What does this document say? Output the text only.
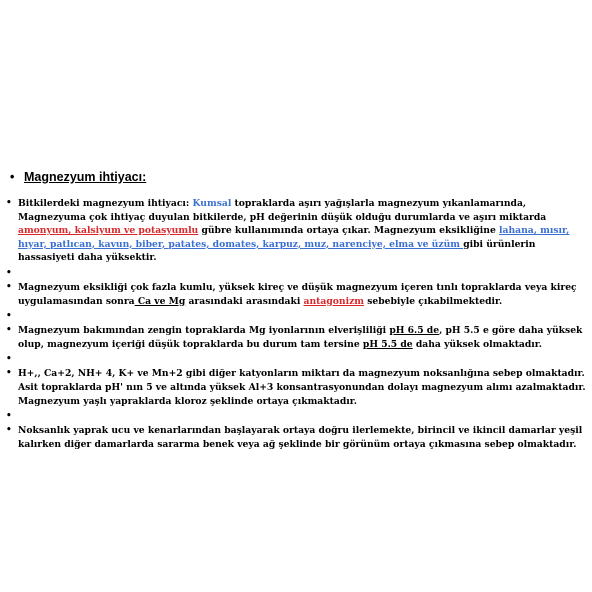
• Magnezyum ihtiyacı:
• Bitkilerdeki magnezyum ihtiyacı: Kumsal topraklarda aşırı yağışlarla magnezyum yıkanlamarında, Magnezyuma çok ihtiyaç duyulan bitkilerde, pH değerinin düşük olduğu durumlarda ve aşırı miktarda amonyum, kalsiyum ve potasyumlu gübre kullanımında ortaya çıkar. Magnezyum eksikliğine lahana, mısır, hıyar, patlıcan, kavun, biber, patates, domates, karpuz, muz, narenciye, elma ve üzüm gibi ürünlerin hassasiyeti daha yüksektir.
•
• Magnezyum eksikliği çok fazla kumlu, yüksek kireç ve düşük magnezyum içeren tınlı topraklarda veya kireç uygulamasından sonra Ca ve Mg arasındaki arasındaki antagonizm sebebiyle çıkabilmektedir.
•
• Magnezyum bakımından zengin topraklarda Mg iyonlarının elverişliliği pH 6.5 de, pH 5.5 e göre daha yüksek olup, magnezyum içeriği düşük topraklarda bu durum tam tersine pH 5.5 de daha yüksek olmaktadır.
•
• H+,, Ca+2, NH+ 4, K+ ve Mn+2 gibi diğer katyonların miktarı da magnezyum noksanlığına sebep olmaktadır. Asit topraklarda pH' nın 5 ve altında yüksek Al+3 konsantrasyonundan dolayı magnezyum alımı azalmaktadır. Magnezyum yaşlı yapraklarda kloroz şeklinde ortaya çıkmaktadır.
•
• Noksanlık yaprak ucu ve kenarlarından başlayarak ortaya doğru ilerlemekte, birincil ve ikincil damarlar yeşil kalırken diğer damarlarda sararma benek veya ağ şeklinde bir görünüm ortaya çıkmasına sebep olmaktadır.
